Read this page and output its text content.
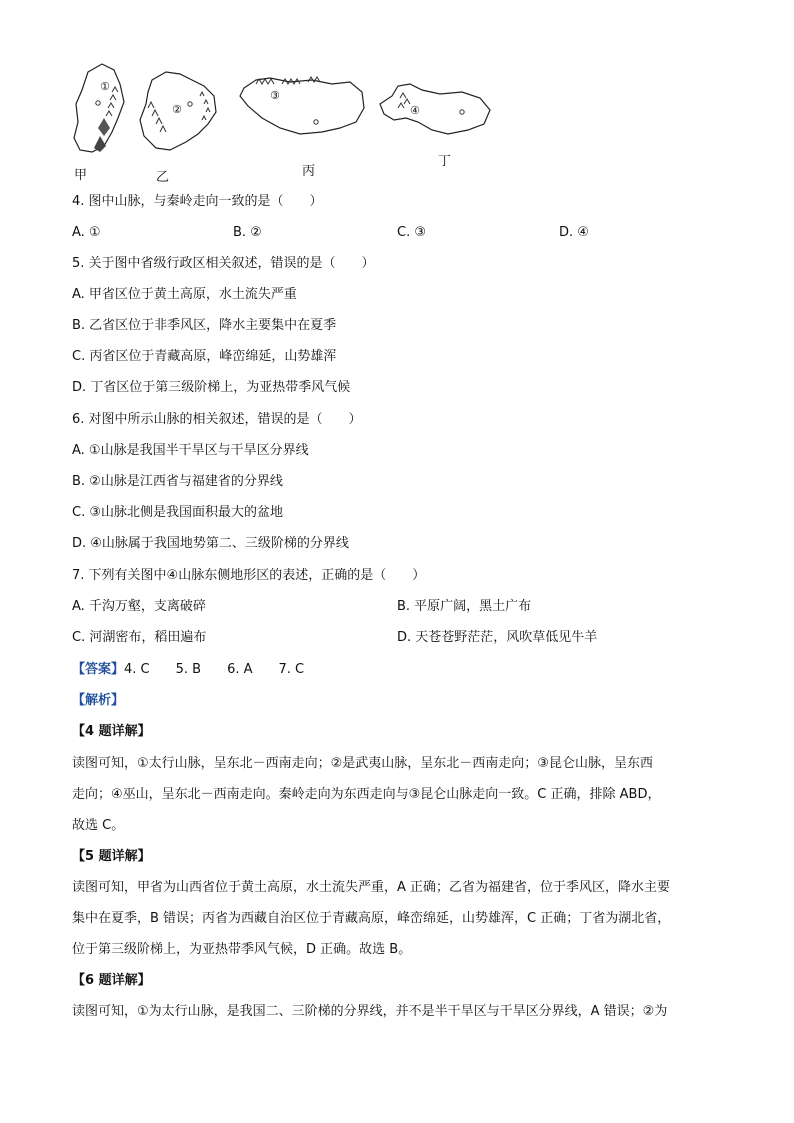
①
②
③
④
甲	乙	丙
丁
4. 图中山脉，与秦岭走向一致的是（　　）
A. ①	B. ②	C. ③	D. ④
5. 关于图中省级行政区相关叙述，错误的是（　　）
A. 甲省区位于黄土高原，水土流失严重
B. 乙省区位于非季风区，降水主要集中在夏季
C. 丙省区位于青藏高原，峰峦绵延，山势雄浑
D. 丁省区位于第三级阶梯上，为亚热带季风气候
6. 对图中所示山脉的相关叙述，错误的是（　　）
A. ①山脉是我国半干旱区与干旱区分界线
B. ②山脉是江西省与福建省的分界线
C. ③山脉北侧是我国面积最大的盆地
D. ④山脉属于我国地势第二、三级阶梯的分界线
7. 下列有关图中④山脉东侧地形区的表述，正确的是（　　）
A. 千沟万壑，支离破碎	B. 平原广阔，黑土广布
C. 河湖密布，稻田遍布	D. 天苍苍野茫茫，风吹草低见牛羊
【答案】4. C　　5. B　　6. A　　7. C
【解析】
【4 题详解】
读图可知，①太行山脉，呈东北－西南走向；②是武夷山脉，呈东北－西南走向；③昆仑山脉，呈东西
走向；④巫山，呈东北－西南走向。秦岭走向为东西走向与③昆仑山脉走向一致。C 正确，排除 ABD，
故选 C。
【5 题详解】
读图可知，甲省为山西省位于黄土高原，水土流失严重，A 正确；乙省为福建省，位于季风区，降水主要
集中在夏季，B 错误；丙省为西藏自治区位于青藏高原，峰峦绵延，山势雄浑，C 正确；丁省为湖北省，
位于第三级阶梯上，为亚热带季风气候，D 正确。故选 B。
【6 题详解】
读图可知，①为太行山脉，是我国二、三阶梯的分界线，并不是半干旱区与干旱区分界线，A 错误；②为
